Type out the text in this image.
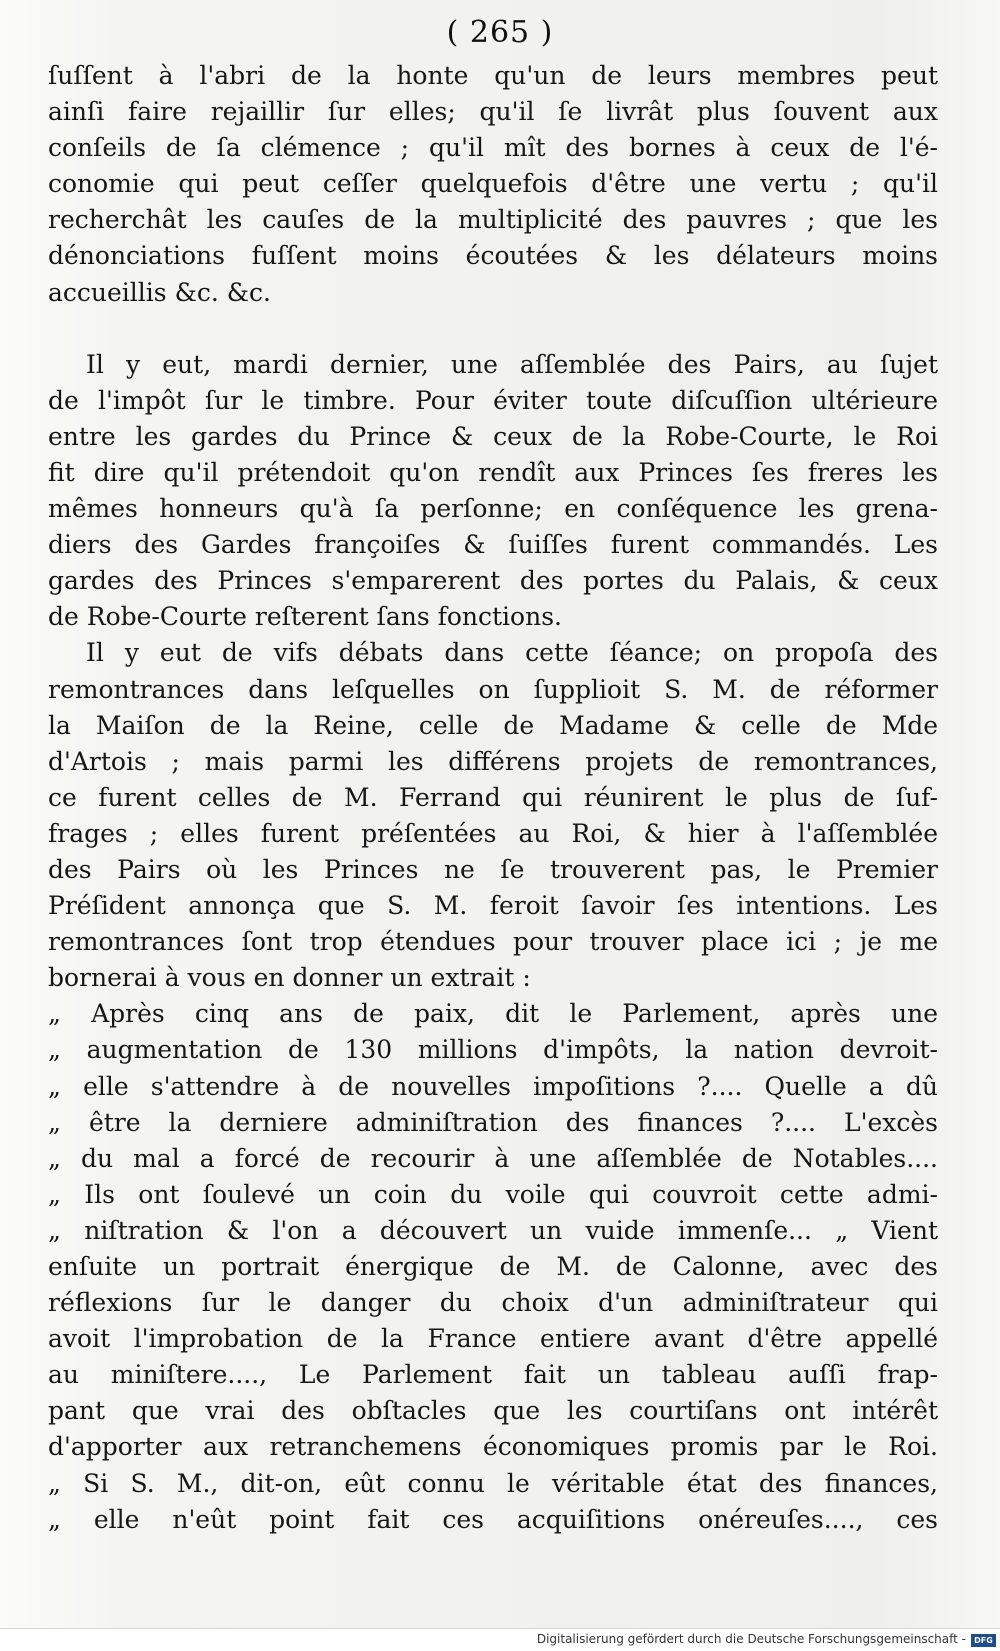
( 265 )
ſuſſent à l'abri de la honte qu'un de leurs membres peut
ainſi faire rejaillir ſur elles; qu'il ſe livrât plus ſouvent aux
conſeils de ſa clémence ; qu'il mît des bornes à ceux de l'é-
conomie qui peut ceſſer quelquefois d'être une vertu ; qu'il
recherchât les cauſes de la multiplicité des pauvres ; que les
dénonciations fuſſent moins écoutées & les délateurs moins
accueillis &c. &c.
Il y eut, mardi dernier, une aſſemblée des Pairs, au ſujet
de l'impôt ſur le timbre. Pour éviter toute diſcuſſion ultérieure
entre les gardes du Prince & ceux de la Robe-Courte, le Roi
fit dire qu'il prétendoit qu'on rendît aux Princes ſes freres les
mêmes honneurs qu'à ſa perſonne; en conſéquence les grena-
diers des Gardes françoiſes & ſuiſſes furent commandés. Les
gardes des Princes s'emparerent des portes du Palais, & ceux
de Robe-Courte reſterent ſans fonctions.
Il y eut de vifs débats dans cette ſéance; on propoſa des
remontrances dans leſquelles on ſupplioit S. M. de réformer
la Maiſon de la Reine, celle de Madame & celle de Mde
d'Artois ; mais parmi les différens projets de remontrances,
ce furent celles de M. Ferrand qui réunirent le plus de ſuf-
frages ; elles furent préſentées au Roi, & hier à l'aſſemblée
des Pairs où les Princes ne ſe trouverent pas, le Premier
Préſident annonça que S. M. feroit ſavoir ſes intentions. Les
remontrances ſont trop étendues pour trouver place ici ; je me
bornerai à vous en donner un extrait :
„ Après cinq ans de paix, dit le Parlement, après une
„ augmentation de 130 millions d'impôts, la nation devroit-
„ elle s'attendre à de nouvelles impoſitions ?.... Quelle a dû
„ être la derniere adminiſtration des finances ?.... L'excès
„ du mal a forcé de recourir à une aſſemblée de Notables....
„ Ils ont ſoulevé un coin du voile qui couvroit cette admi-
„ niſtration & l'on a découvert un vuide immenſe... „ Vient
enſuite un portrait énergique de M. de Calonne, avec des
réflexions ſur le danger du choix d'un adminiſtrateur qui
avoit l'improbation de la France entiere avant d'être appellé
au miniſtere...., Le Parlement fait un tableau auſſi frap-
pant que vrai des obſtacles que les courtiſans ont intérêt
d'apporter aux retranchemens économiques promis par le Roi.
„ Si S. M., dit-on, eût connu le véritable état des finances,
„ elle n'eût point fait ces acquiſitions onéreuſes...., ces
Digitalisierung gefördert durch die Deutsche Forschungsgemeinschaft -	DFG
